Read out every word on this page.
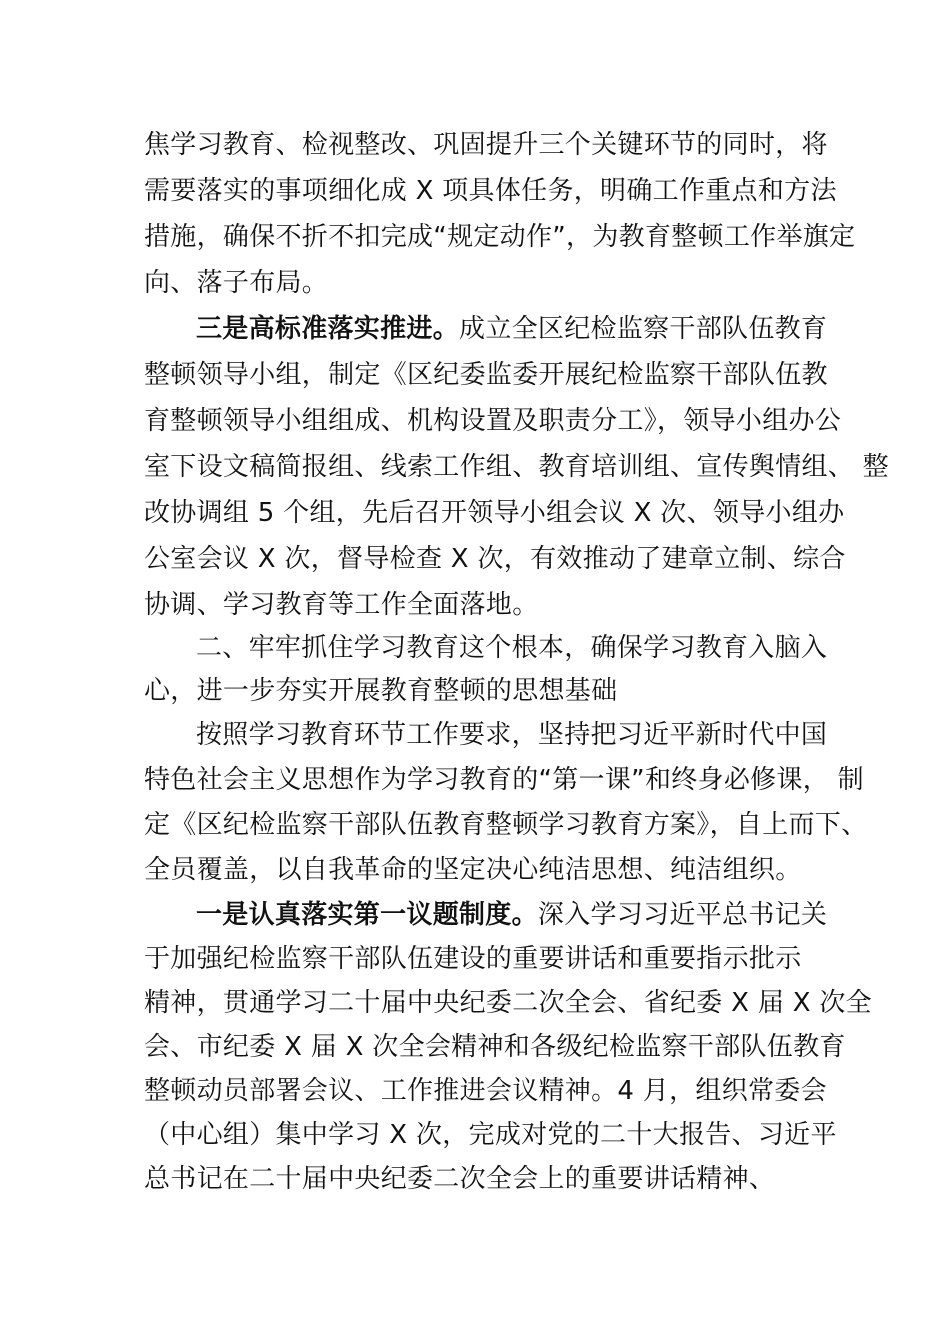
焦学习教育、检视整改、巩固提升三个关键环节的同时，将
需要落实的事项细化成 X 项具体任务，明确工作重点和方法
措施，确保不折不扣完成“规定动作”，为教育整顿工作举旗定
向、落子布局。
三是高标准落实推进。成立全区纪检监察干部队伍教育
整顿领导小组，制定《区纪委监委开展纪检监察干部队伍教
育整顿领导小组组成、机构设置及职责分工》，领导小组办公
室下设文稿简报组、线索工作组、教育培训组、宣传舆情组、 整
改协调组 5 个组，先后召开领导小组会议 X 次、领导小组办
公室会议 X 次，督导检查 X 次，有效推动了建章立制、综合
协调、学习教育等工作全面落地。
二、牢牢抓住学习教育这个根本，确保学习教育入脑入
心，进一步夯实开展教育整顿的思想基础
按照学习教育环节工作要求，坚持把习近平新时代中国
特色社会主义思想作为学习教育的“第一课”和终身必修课， 制
定《区纪检监察干部队伍教育整顿学习教育方案》，自上而下、
全员覆盖，以自我革命的坚定决心纯洁思想、纯洁组织。
一是认真落实第一议题制度。深入学习习近平总书记关
于加强纪检监察干部队伍建设的重要讲话和重要指示批示
精神，贯通学习二十届中央纪委二次全会、省纪委 X 届 X 次全
会、市纪委 X 届 X 次全会精神和各级纪检监察干部队伍教育
整顿动员部署会议、工作推进会议精神。4 月，组织常委会
（中心组）集中学习 X 次，完成对党的二十大报告、习近平
总书记在二十届中央纪委二次全会上的重要讲话精神、
